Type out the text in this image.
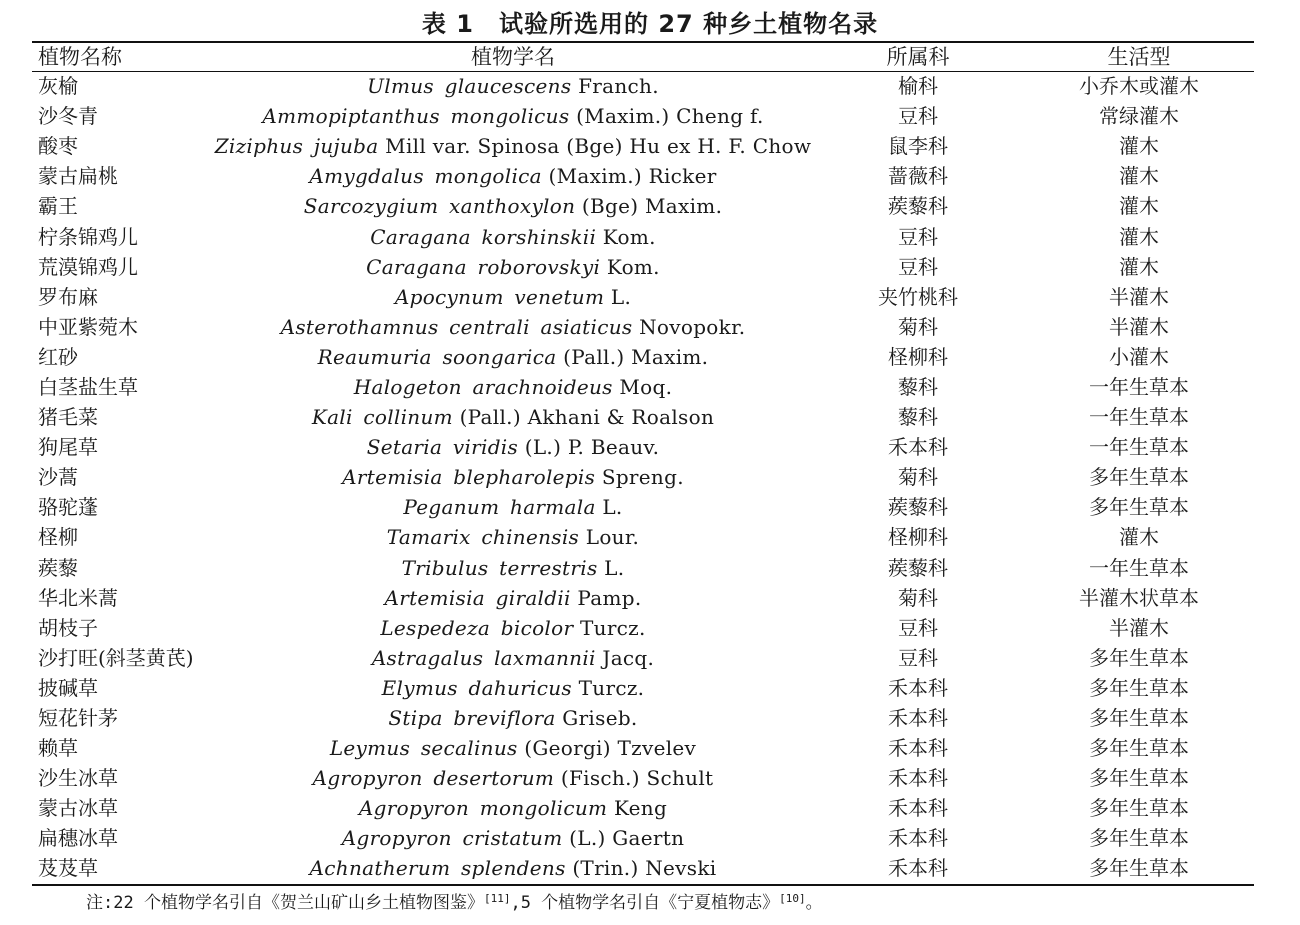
表 1　试验所选用的 27 种乡土植物名录
植物名称	植物学名	所属科	生活型
灰榆	Ulmus glaucescens Franch.	榆科	小乔木或灌木
沙冬青	Ammopiptanthus mongolicus (Maxim.) Cheng f.	豆科	常绿灌木
酸枣	Ziziphus jujuba Mill var. Spinosa (Bge) Hu ex H. F. Chow	鼠李科	灌木
蒙古扁桃	Amygdalus mongolica (Maxim.) Ricker	蔷薇科	灌木
霸王	Sarcozygium xanthoxylon (Bge) Maxim.	蒺藜科	灌木
柠条锦鸡儿	Caragana korshinskii Kom.	豆科	灌木
荒漠锦鸡儿	Caragana roborovskyi Kom.	豆科	灌木
罗布麻	Apocynum venetum L.	夹竹桃科	半灌木
中亚紫菀木	Asterothamnus centrali asiaticus Novopokr.	菊科	半灌木
红砂	Reaumuria soongarica (Pall.) Maxim.	柽柳科	小灌木
白茎盐生草	Halogeton arachnoideus Moq.	藜科	一年生草本
猪毛菜	Kali collinum (Pall.) Akhani & Roalson	藜科	一年生草本
狗尾草	Setaria viridis (L.) P. Beauv.	禾本科	一年生草本
沙蒿	Artemisia blepharolepis Spreng.	菊科	多年生草本
骆驼蓬	Peganum harmala L.	蒺藜科	多年生草本
柽柳	Tamarix chinensis Lour.	柽柳科	灌木
蒺藜	Tribulus terrestris L.	蒺藜科	一年生草本
华北米蒿	Artemisia giraldii Pamp.	菊科	半灌木状草本
胡枝子	Lespedeza bicolor Turcz.	豆科	半灌木
沙打旺(斜茎黄芪)	Astragalus laxmannii Jacq.	豆科	多年生草本
披碱草	Elymus dahuricus Turcz.	禾本科	多年生草本
短花针茅	Stipa breviflora Griseb.	禾本科	多年生草本
赖草	Leymus secalinus (Georgi) Tzvelev	禾本科	多年生草本
沙生冰草	Agropyron desertorum (Fisch.) Schult	禾本科	多年生草本
蒙古冰草	Agropyron mongolicum Keng	禾本科	多年生草本
扁穗冰草	Agropyron cristatum (L.) Gaertn	禾本科	多年生草本
芨芨草	Achnatherum splendens (Trin.) Nevski	禾本科	多年生草本
注:22 个植物学名引自《贺兰山矿山乡土植物图鉴》[11],5 个植物学名引自《宁夏植物志》[10]。
